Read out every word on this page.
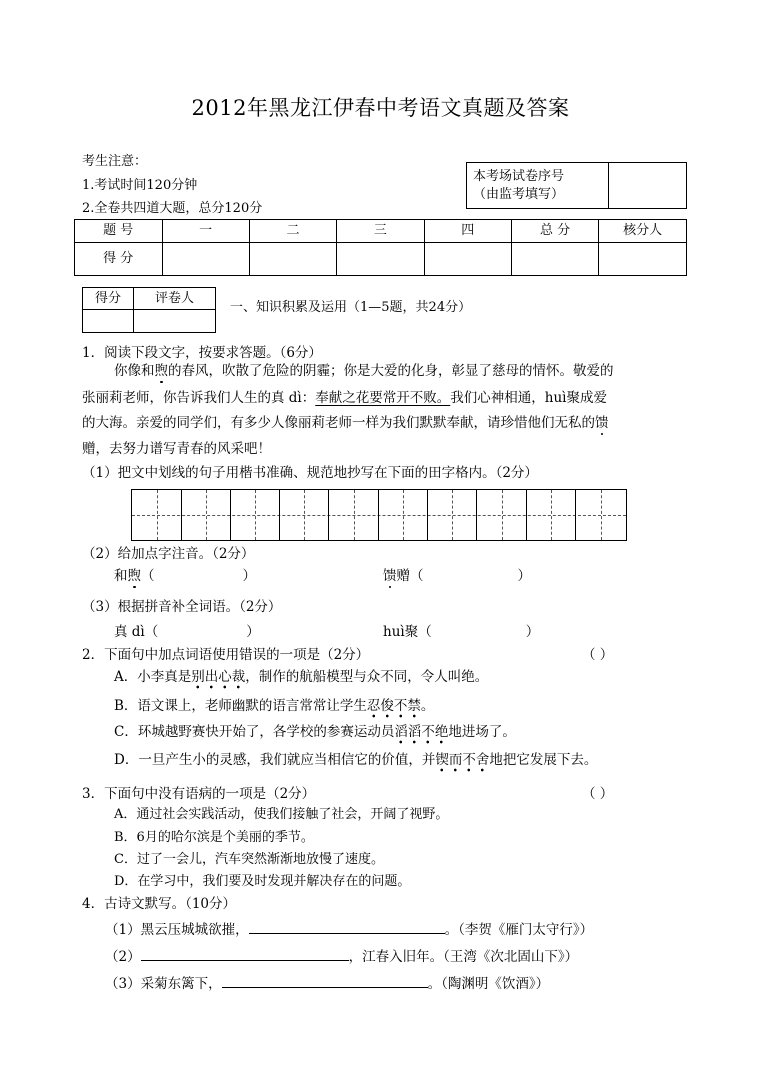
2012年黑龙江伊春中考语文真题及答案
考生注意：
1.考试时间120分钟
2.全卷共四道大题，总分120分
本考场试卷序号
（由监考填写）

题 号	一	二	三	四	总 分	核分人
得 分						
得分	评卷人

一、知识积累及运用（1—5题，共24分）
1．阅读下段文字，按要求答题。（6分）
你像和煦的春风，吹散了危险的阴霾；你是大爱的化身，彰显了慈母的情怀。敬爱的
张丽莉老师，你告诉我们人生的真 dì：奉献之花要常开不败。我们心神相通，huì聚成爱
的大海。亲爱的同学们，有多少人像丽莉老师一样为我们默默奉献，请珍惜他们无私的馈
赠，去努力谱写青春的风采吧！
（1）把文中划线的句子用楷书准确、规范地抄写在下面的田字格内。（2分）
（2）给加点字注音。（2分）
和煦（	）	馈赠（	）
（3）根据拼音补全词语。（2分）
真 dì（	）	huì聚（	）
2．下面句中加点词语使用错误的一项是（2分）	（ ）
A．小李真是别出心裁，制作的航船模型与众不同，令人叫绝。
B．语文课上，老师幽默的语言常常让学生忍俊不禁。
C．环城越野赛快开始了，各学校的参赛运动员滔滔不绝地进场了。
D．一旦产生小的灵感，我们就应当相信它的价值，并锲而不舍地把它发展下去。
3．下面句中没有语病的一项是（2分）	（ ）
A．通过社会实践活动，使我们接触了社会，开阔了视野。
B．6月的哈尔滨是个美丽的季节。
C．过了一会儿，汽车突然渐渐地放慢了速度。
D．在学习中，我们要及时发现并解决存在的问题。
4．古诗文默写。（10分）
（1）黑云压城城欲摧，	。（李贺《雁门太守行》）
（2）	，江春入旧年。（王湾《次北固山下》）
（3）采菊东篱下，	。（陶渊明《饮酒》）
